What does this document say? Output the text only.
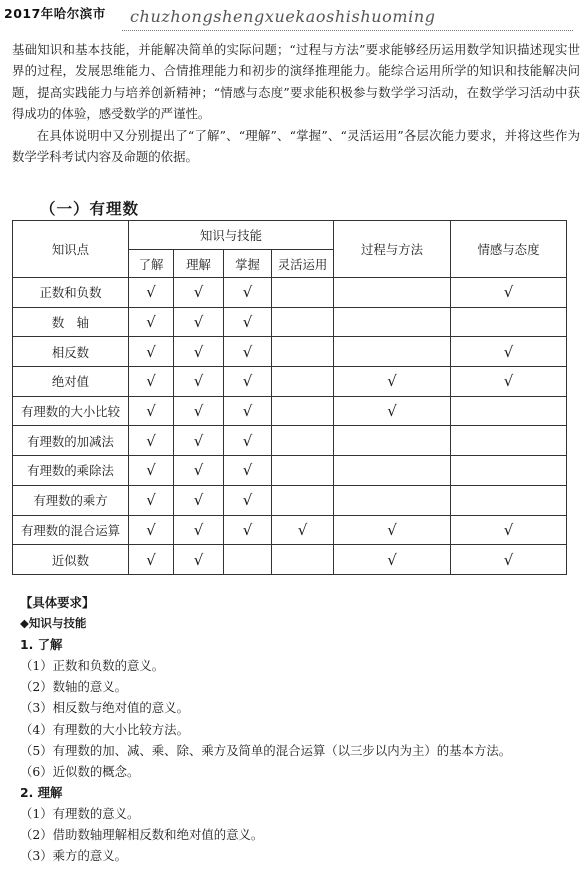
2017年哈尔滨市 chuzhongshengxuekaoshishuoming

基础知识和基本技能，并能解决简单的实际问题；“过程与方法”要求能够经历运用数学知识描述现实世界的过程，发展思维能力、合情推理能力和初步的演绎推理能力。能综合运用所学的知识和技能解决问题，提高实践能力与培养创新精神；“情感与态度”要求能积极参与数学学习活动，在数学学习活动中获得成功的体验，感受数学的严谨性。

在具体说明中又分别提出了“了解”、“理解”、“掌握”、“灵活运用”各层次能力要求，并将这些作为数学学科考试内容及命题的依据。

（一）有理数
知识点	知识与技能				过程与方法	情感与态度
	了解	理解	掌握	灵活运用		
正数和负数	√	√	√			√
数　轴	√	√	√			
相反数	√	√	√			√
绝对值	√	√	√		√	√
有理数的大小比较	√	√	√		√	
有理数的加减法	√	√	√			
有理数的乘除法	√	√	√			
有理数的乘方	√	√	√			
有理数的混合运算	√	√	√	√	√	√
近似数	√	√			√	√
【具体要求】
◆知识与技能
1. 了解
（1）正数和负数的意义。
（2）数轴的意义。
（3）相反数与绝对值的意义。
（4）有理数的大小比较方法。
（5）有理数的加、减、乘、除、乘方及简单的混合运算（以三步以内为主）的基本方法。
（6）近似数的概念。
2. 理解
（1）有理数的意义。
（2）借助数轴理解相反数和绝对值的意义。
（3）乘方的意义。
